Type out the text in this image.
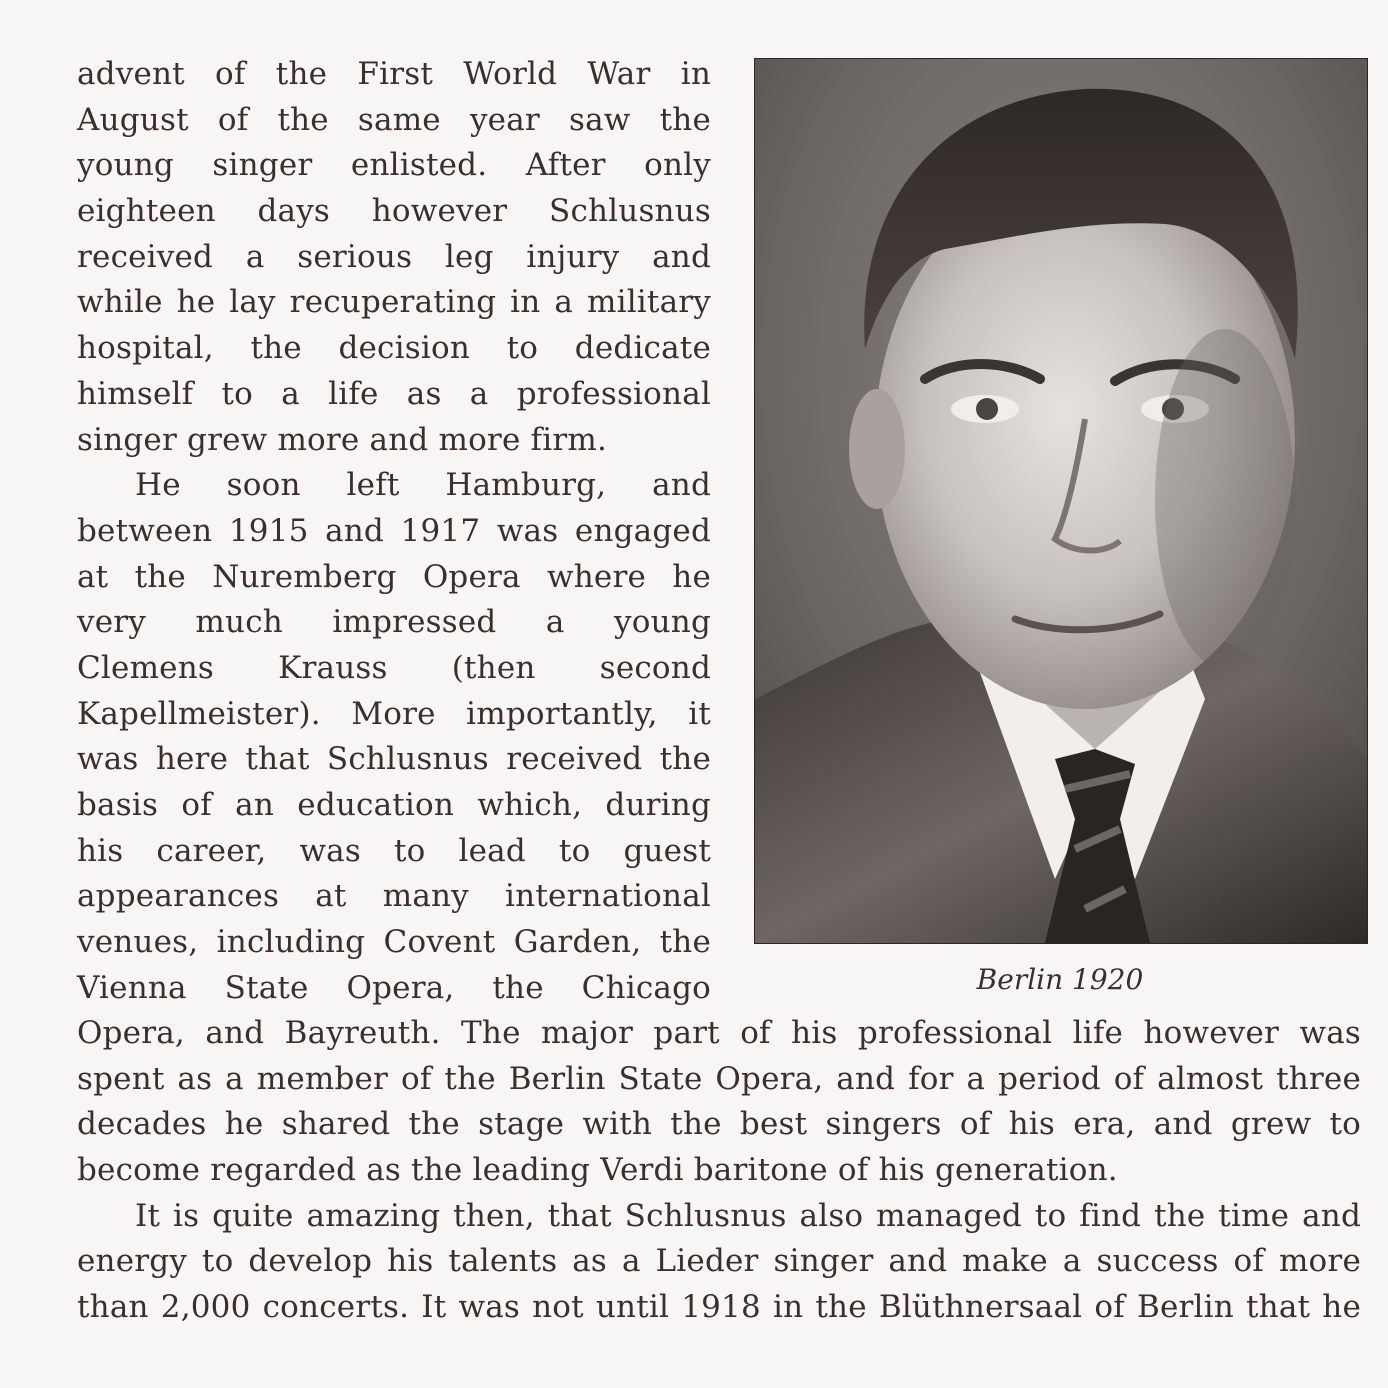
advent of the First World War in
August of the same year saw the
young singer enlisted. After only
eighteen days however Schlusnus
received a serious leg injury and
while he lay recuperating in a military
hospital, the decision to dedicate
himself to a life as a professional
singer grew more and more firm.
He soon left Hamburg, and
between 1915 and 1917 was engaged
at the Nuremberg Opera where he
very much impressed a young
Clemens Krauss (then second
Kapellmeister). More importantly, it
was here that Schlusnus received the
basis of an education which, during
his career, was to lead to guest
appearances at many international
venues, including Covent Garden, the
Vienna State Opera, the Chicago	Berlin 1920
Opera, and Bayreuth. The major part of his professional life however was
spent as a member of the Berlin State Opera, and for a period of almost three
decades he shared the stage with the best singers of his era, and grew to
become regarded as the leading Verdi baritone of his generation.
It is quite amazing then, that Schlusnus also managed to find the time and
energy to develop his talents as a Lieder singer and make a success of more
than 2,000 concerts. It was not until 1918 in the Blüthnersaal of Berlin that he
